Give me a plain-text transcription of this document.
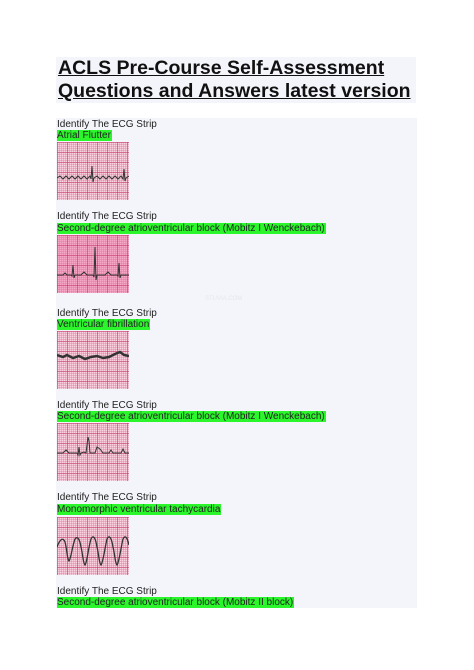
ACLS Pre-Course Self-Assessment Questions and Answers latest version
Identify The ECG Strip
Atrial Flutter
Identify The ECG Strip
Second-degree atrioventricular block (Mobitz I Wenckebach)
Identify The ECG Strip
Ventricular fibrillation
Identify The ECG Strip
Second-degree atrioventricular block (Mobitz I Wenckebach)
Identify The ECG Strip
Monomorphic ventricular tachycardia
Identify The ECG Strip
Second-degree atrioventricular block (Mobitz II block)
STUVIA.COM
